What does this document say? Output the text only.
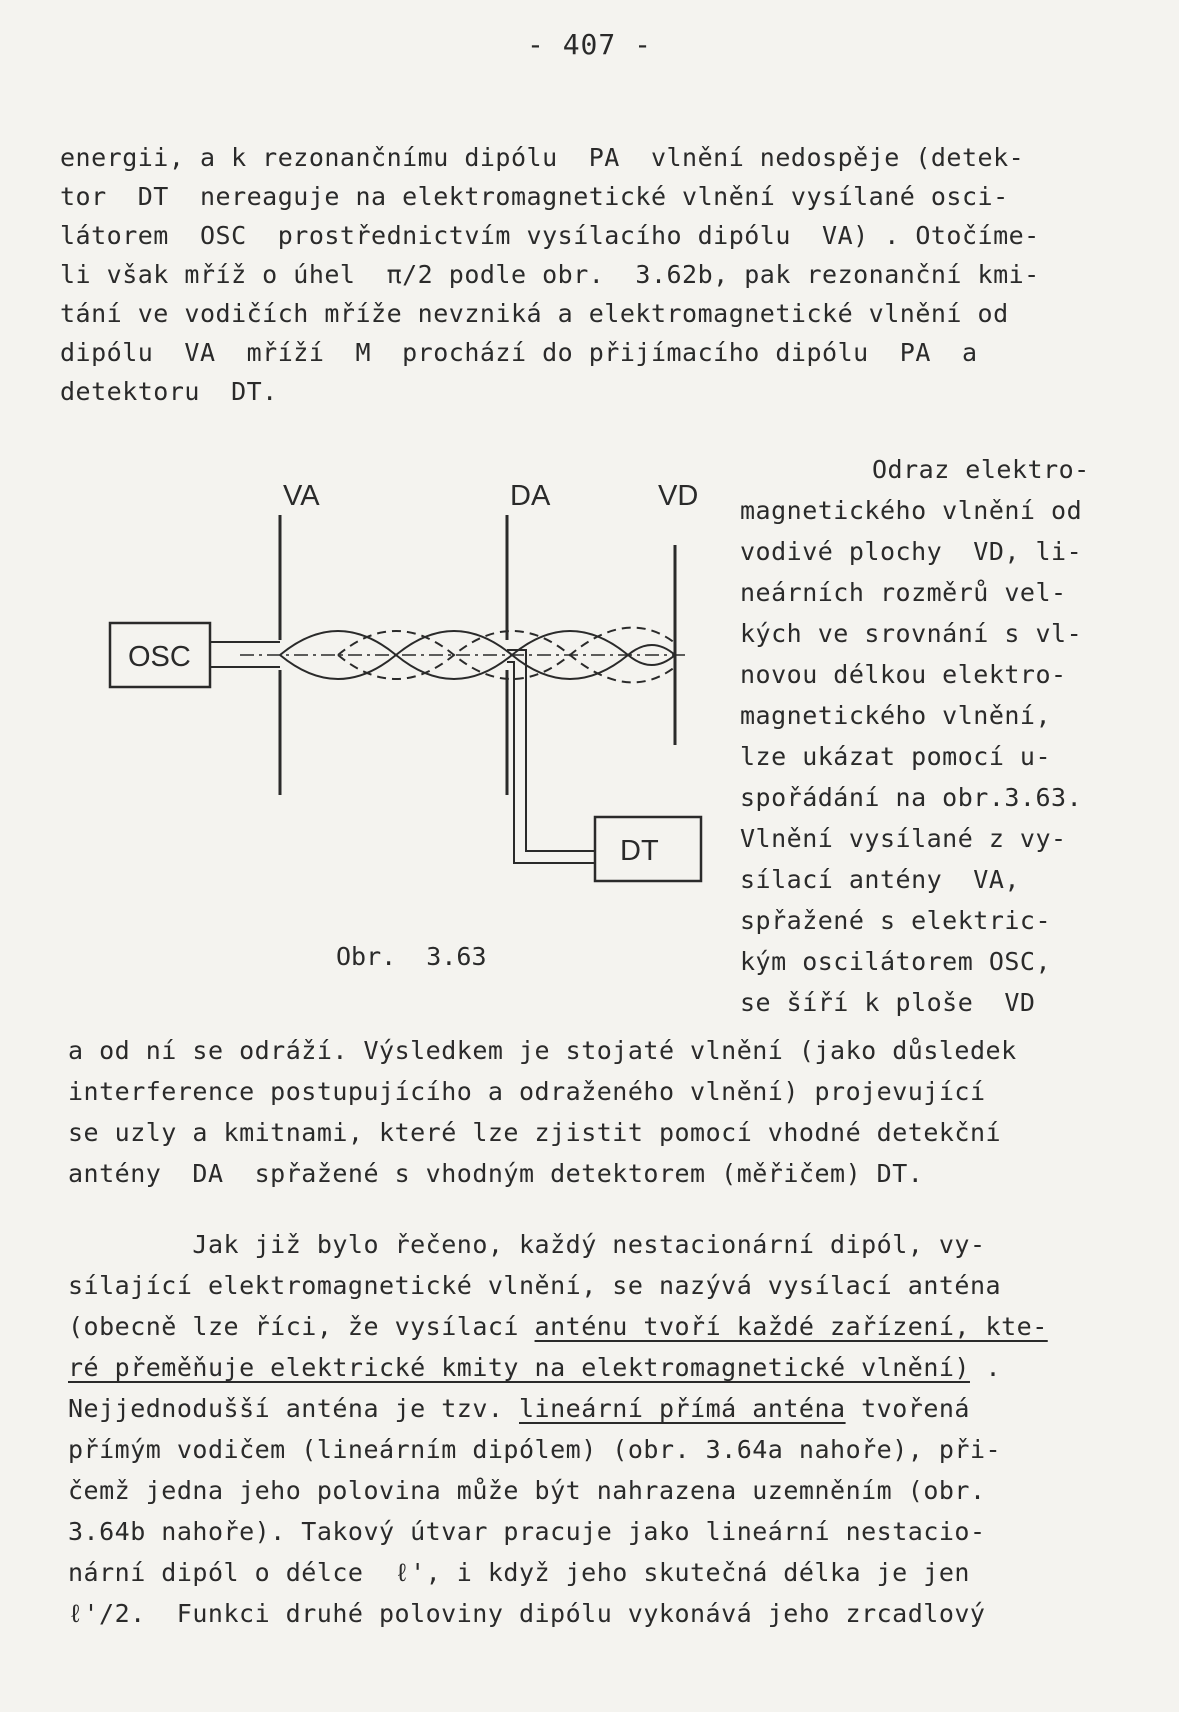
- 407 -
energii, a k rezonančnímu dipólu  PA  vlnění nedospěje (detek-
tor  DT  nereaguje na elektromagnetické vlnění vysílané osci-
látorem  OSC  prostřednictvím vysílacího dipólu  VA) . Otočíme-
li však mříž o úhel  π/2 podle obr.  3.62b, pak rezonanční kmi-
tání ve vodičích mříže nevzniká a elektromagnetické vlnění od
dipólu  VA  mříží  M  prochází do přijímacího dipólu  PA  a
detektoru  DT.
Odraz elektro-
magnetického vlnění od
vodivé plochy  VD, li-
neárních rozměrů vel-
kých ve srovnání s vl-
novou délkou elektro-
magnetického vlnění,
lze ukázat pomocí u-
spořádání na obr.3.63.
Vlnění vysílané z vy-
sílací antény  VA,
spřažené s elektric-
kým oscilátorem OSC,
se šíří k ploše  VD
VA	DA	VD
OSC
DT
Obr.  3.63
a od ní se odráží. Výsledkem je stojaté vlnění (jako důsledek
interference postupujícího a odraženého vlnění) projevující
se uzly a kmitnami, které lze zjistit pomocí vhodné detekční
antény  DA  spřažené s vhodným detektorem (měřičem) DT.
Jak již bylo řečeno, každý nestacionární dipól, vy-
sílající elektromagnetické vlnění, se nazývá vysílací anténa
(obecně lze říci, že vysílací anténu tvoří každé zařízení, kte-
ré přeměňuje elektrické kmity na elektromagnetické vlnění) .
Nejjednodušší anténa je tzv. lineární přímá anténa tvořená
přímým vodičem (lineárním dipólem) (obr. 3.64a nahoře), při-
čemž jedna jeho polovina může být nahrazena uzemněním (obr.
3.64b nahoře). Takový útvar pracuje jako lineární nestacio-
nární dipól o délce  ℓ', i když jeho skutečná délka je jen
ℓ'/2.  Funkci druhé poloviny dipólu vykonává jeho zrcadlový
